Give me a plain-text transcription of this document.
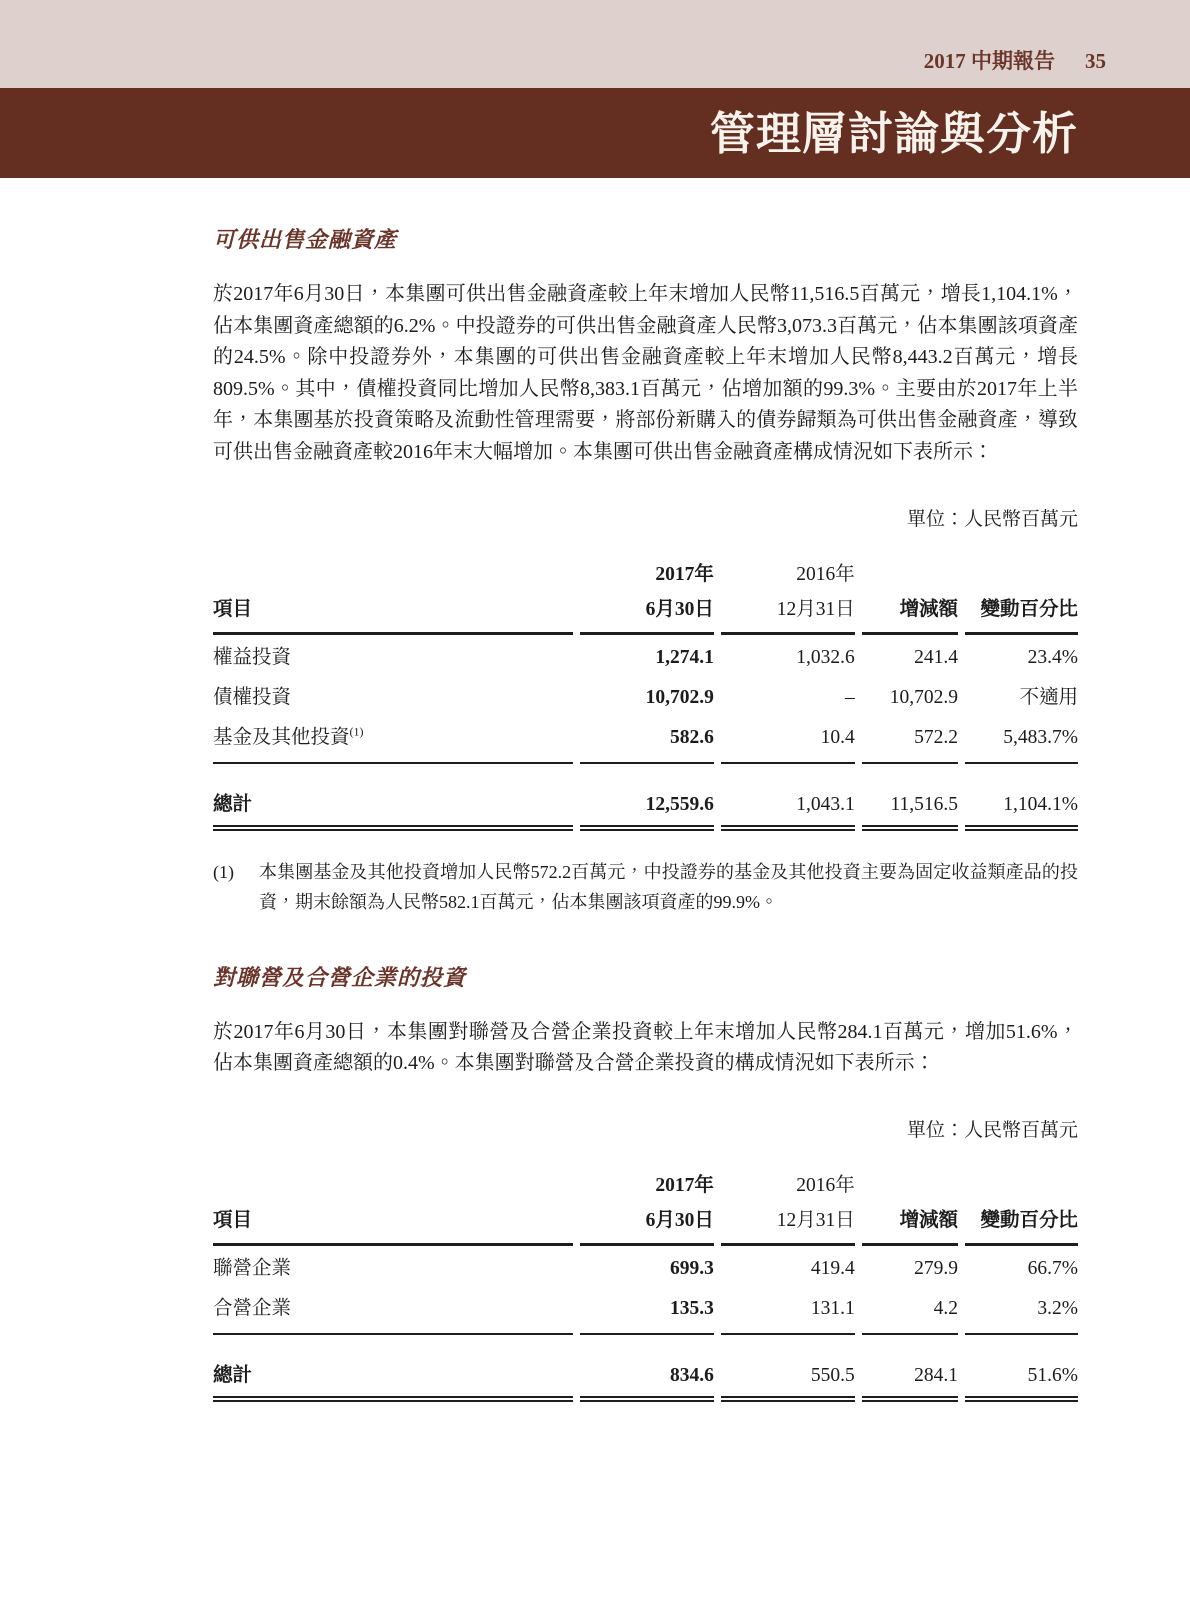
2017 中期報告 35
管理層討論與分析
可供出售金融資產

於2017年6月30日，本集團可供出售金融資產較上年末增加人民幣11,516.5百萬元，增長1,104.1%，佔本集團資產總額的6.2%。中投證券的可供出售金融資產人民幣3,073.3百萬元，佔本集團該項資產的24.5%。除中投證券外，本集團的可供出售金融資產較上年末增加人民幣8,443.2百萬元，增長809.5%。其中，債權投資同比增加人民幣8,383.1百萬元，佔增加額的99.3%。主要由於2017年上半年，本集團基於投資策略及流動性管理需要，將部份新購入的債券歸類為可供出售金融資產，導致可供出售金融資產較2016年末大幅增加。本集團可供出售金融資產構成情況如下表所示：

單位：人民幣百萬元
	2017年	2016年		
項目	6月30日	12月31日	增減額	變動百分比
權益投資	1,274.1	1,032.6	241.4	23.4%
債權投資	10,702.9	–	10,702.9	不適用
基金及其他投資$^{(1)}$	582.6	10.4	572.2	5,483.7%
總計	12,559.6	1,043.1	11,516.5	1,104.1%
(1)	本集團基金及其他投資增加人民幣572.2百萬元，中投證券的基金及其他投資主要為固定收益類產品的投資，期末餘額為人民幣582.1百萬元，佔本集團該項資產的99.9%。
對聯營及合營企業的投資

於2017年6月30日，本集團對聯營及合營企業投資較上年末增加人民幣284.1百萬元，增加51.6%，佔本集團資產總額的0.4%。本集團對聯營及合營企業投資的構成情況如下表所示：

單位：人民幣百萬元
	2017年	2016年		
項目	6月30日	12月31日	增減額	變動百分比
聯營企業	699.3	419.4	279.9	66.7%
合營企業	135.3	131.1	4.2	3.2%
總計	834.6	550.5	284.1	51.6%
